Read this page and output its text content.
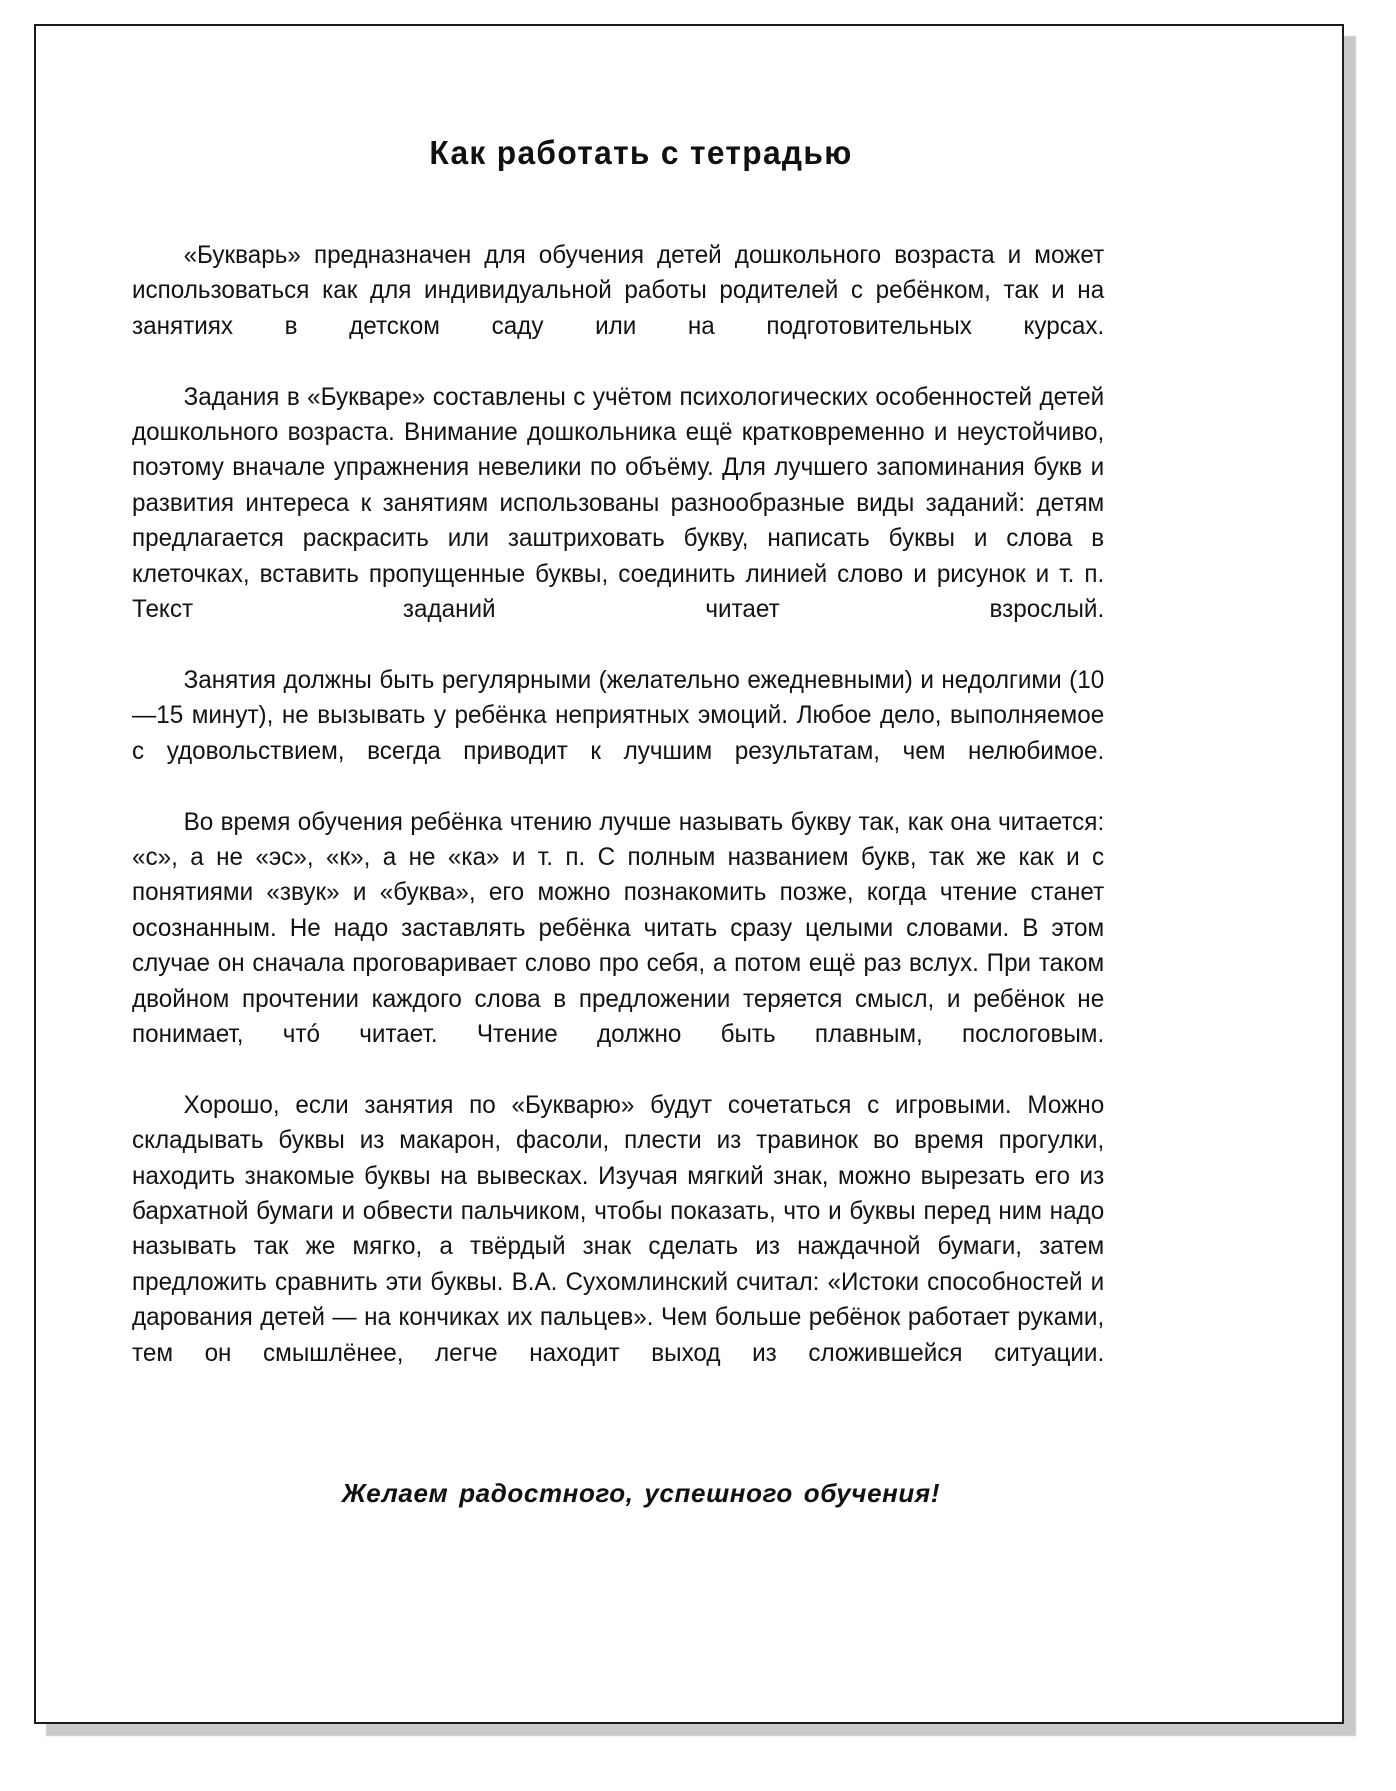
Как работать с тетрадью

«Букварь» предназначен для обучения детей дошкольного возраста и может использоваться как для индивидуальной работы родителей с ребёнком, так и на занятиях в детском саду или на подготовительных курсах.

Задания в «Букваре» составлены с учётом психологических особенностей детей дошкольного возраста. Внимание дошкольника ещё кратковременно и неустойчиво, поэтому вначале упражнения невелики по объёму. Для лучшего запоминания букв и развития интереса к занятиям использованы разнообразные виды заданий: детям предлагается раскрасить или заштриховать букву, написать буквы и слова в клеточках, вставить пропущенные буквы, соединить линией слово и рисунок и т. п. Текст заданий читает взрослый.

Занятия должны быть регулярными (желательно ежедневными) и недолгими (10—15 минут), не вызывать у ребёнка неприятных эмоций. Любое дело, выполняемое с удовольствием, всегда приводит к лучшим результатам, чем нелюбимое.

Во время обучения ребёнка чтению лучше называть букву так, как она читается: «с», а не «эс», «к», а не «ка» и т. п. С полным названием букв, так же как и с понятиями «звук» и «буква», его можно познакомить позже, когда чтение станет осознанным. Не надо заставлять ребёнка читать сразу целыми словами. В этом случае он сначала проговаривает слово про себя, а потом ещё раз вслух. При таком двойном прочтении каждого слова в предложении теряется смысл, и ребёнок не понимает, чтó читает. Чтение должно быть плавным, послоговым.

Хорошо, если занятия по «Букварю» будут сочетаться с игровыми. Можно складывать буквы из макарон, фасоли, плести из травинок во время прогулки, находить знакомые буквы на вывесках. Изучая мягкий знак, можно вырезать его из бархатной бумаги и обвести пальчиком, чтобы показать, что и буквы перед ним надо называть так же мягко, а твёрдый знак сделать из наждачной бумаги, затем предложить сравнить эти буквы. В.А. Сухомлинский считал: «Истоки способностей и дарования детей — на кончиках их пальцев». Чем больше ребёнок работает руками, тем он смышлёнее, легче находит выход из сложившейся ситуации.

Желаем радостного, успешного обучения!
